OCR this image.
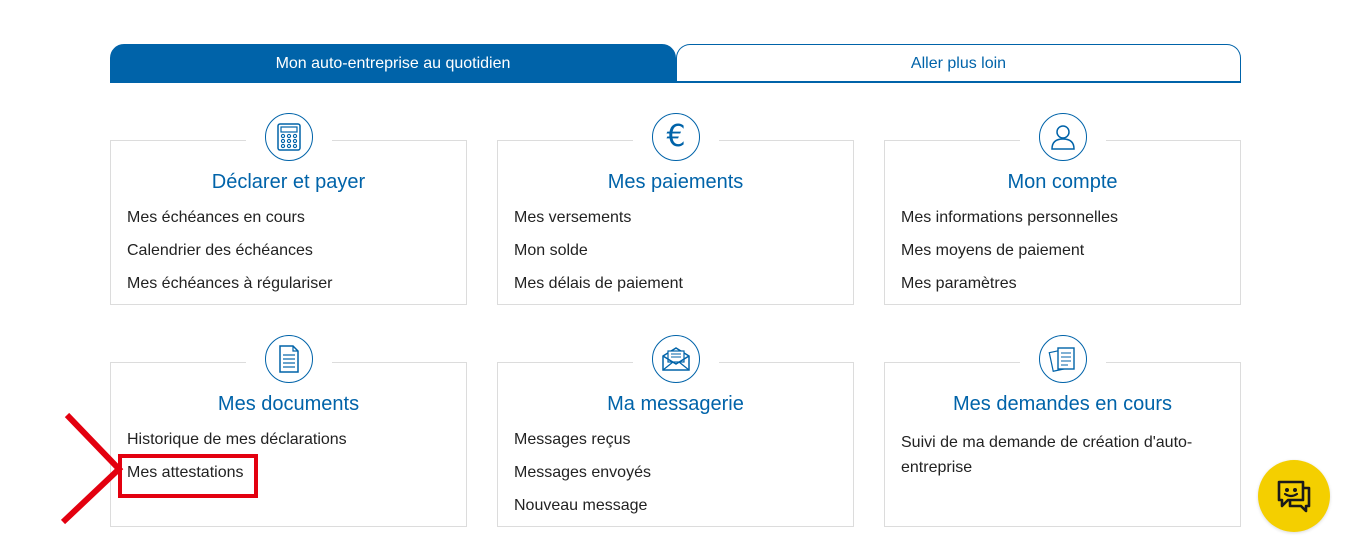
Mon auto-entreprise au quotidien	Aller plus loin
Déclarer et payer
Mes échéances en cours
Calendrier des échéances
Mes échéances à régulariser
€
Mes paiements
Mes versements
Mon solde
Mes délais de paiement
Mon compte
Mes informations personnelles
Mes moyens de paiement
Mes paramètres
Mes documents
Historique de mes déclarations
Mes attestations
Ma messagerie
Messages reçus
Messages envoyés
Nouveau message
Mes demandes en cours
Suivi de ma demande de création d'auto-entreprise
